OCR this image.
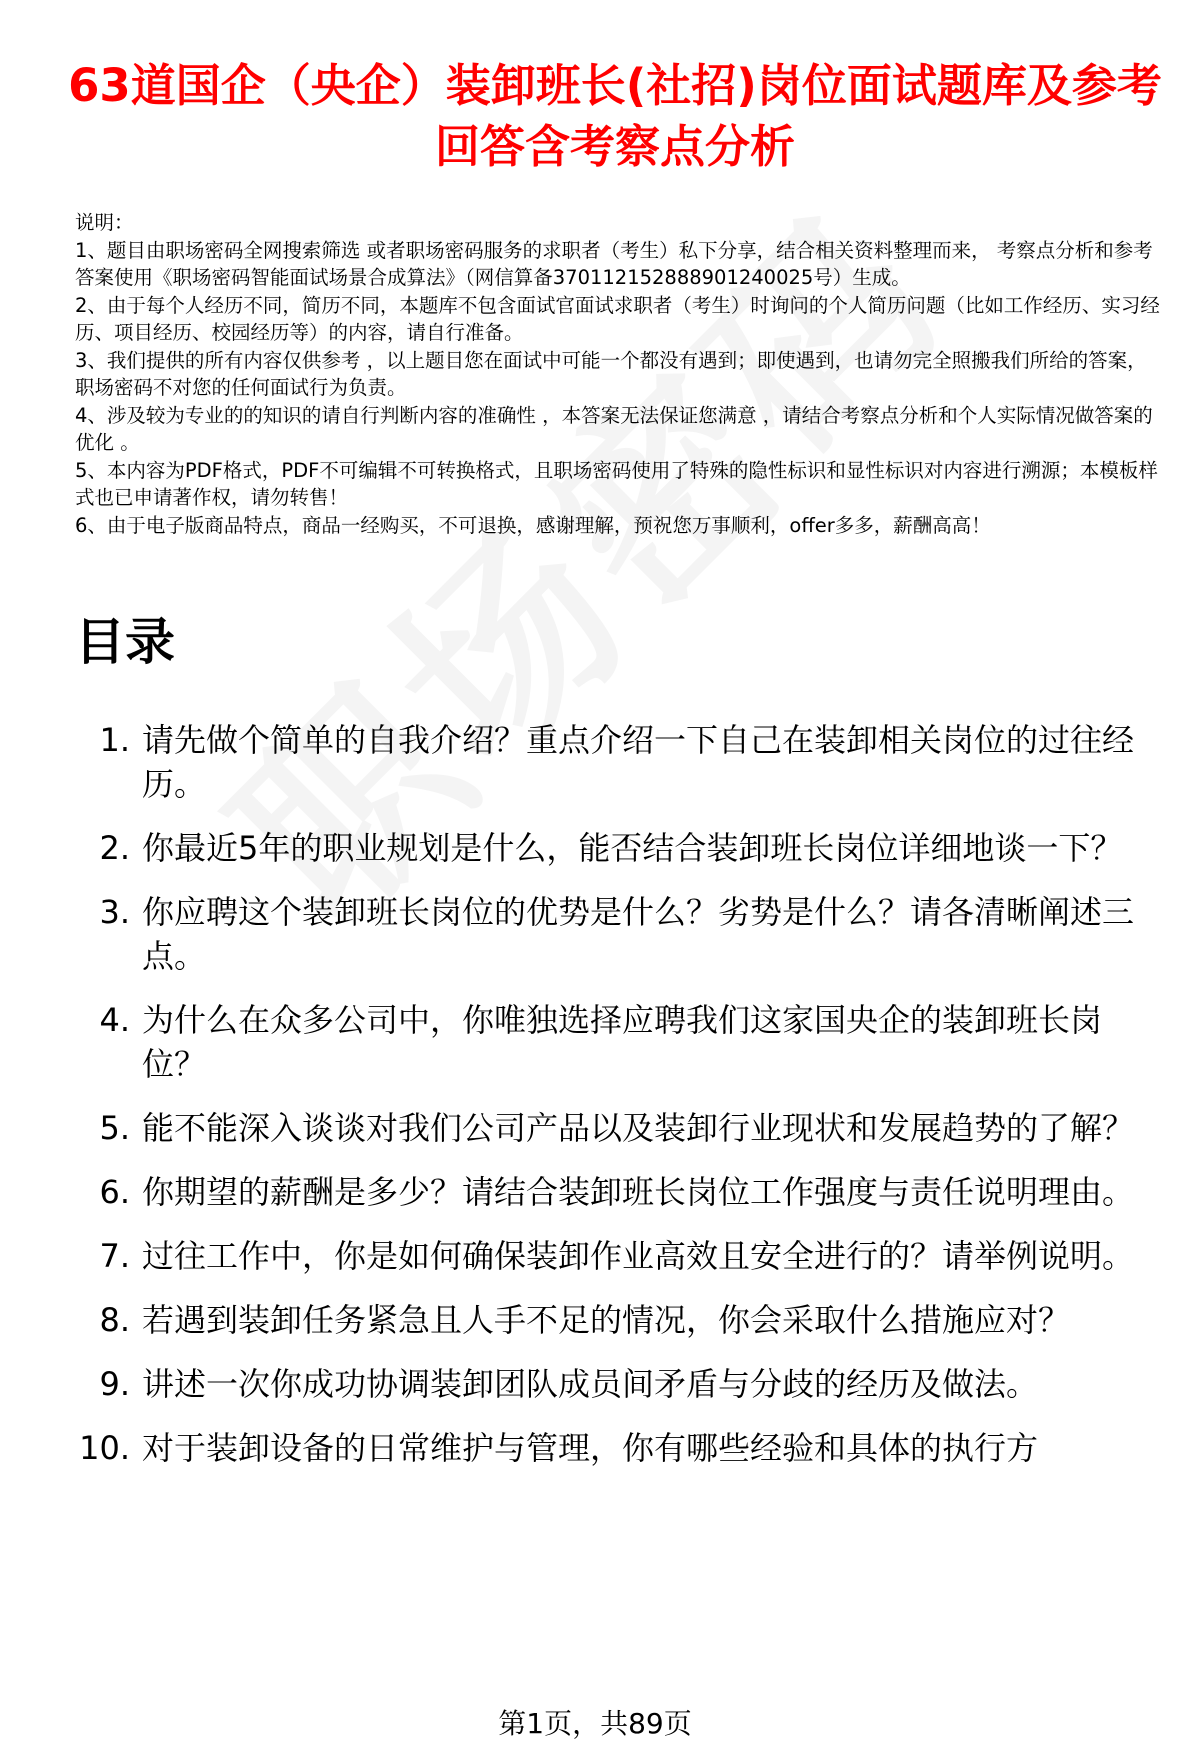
63道国企（央企）装卸班长(社招)岗位面试题库及参考回答含考察点分析

说明：

1、题目由职场密码全网搜索筛选 或者职场密码服务的求职者（考生）私下分享，结合相关资料整理而来， 考察点分析和参考答案使用《职场密码智能面试场景合成算法》（网信算备370112152888901240025号）生成。

2、由于每个人经历不同，简历不同，本题库不包含面试官面试求职者（考生）时询问的个人简历问题（比如工作经历、实习经历、项目经历、校园经历等）的内容，请自行准备。

3、我们提供的所有内容仅供参考 ，以上题目您在面试中可能一个都没有遇到；即使遇到，也请勿完全照搬我们所给的答案，职场密码不对您的任何面试行为负责。

4、涉及较为专业的的知识的请自行判断内容的准确性 ，本答案无法保证您满意 ，请结合考察点分析和个人实际情况做答案的优化 。

5、本内容为PDF格式，PDF不可编辑不可转换格式，且职场密码使用了特殊的隐性标识和显性标识对内容进行溯源；本模板样式也已申请著作权，请勿转售！

6、由于电子版商品特点，商品一经购买，不可退换，感谢理解，预祝您万事顺利，offer多多，薪酬高高！

目录
1. 请先做个简单的自我介绍？重点介绍一下自己在装卸相关岗位的过往经历。
2. 你最近5年的职业规划是什么，能否结合装卸班长岗位详细地谈一下？
3. 你应聘这个装卸班长岗位的优势是什么？劣势是什么？请各清晰阐述三点。
4. 为什么在众多公司中，你唯独选择应聘我们这家国央企的装卸班长岗位？
5. 能不能深入谈谈对我们公司产品以及装卸行业现状和发展趋势的了解？
6. 你期望的薪酬是多少？请结合装卸班长岗位工作强度与责任说明理由。
7. 过往工作中，你是如何确保装卸作业高效且安全进行的？请举例说明。
8. 若遇到装卸任务紧急且人手不足的情况，你会采取什么措施应对？
9. 讲述一次你成功协调装卸团队成员间矛盾与分歧的经历及做法。
10. 对于装卸设备的日常维护与管理，你有哪些经验和具体的执行方

第1页，共89页
